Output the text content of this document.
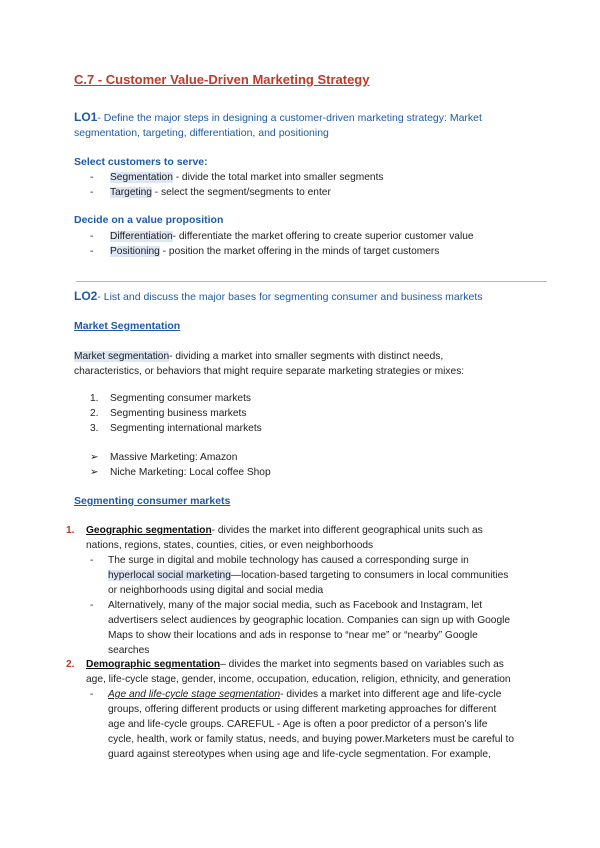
C.7 - Customer Value-Driven Marketing Strategy
LO1- Define the major steps in designing a customer-driven marketing strategy: Market
segmentation, targeting, differentiation, and positioning
Select customers to serve:
- Segmentation - divide the total market into smaller segments
- Targeting - select the segment/segments to enter
Decide on a value proposition
- Differentiation- differentiate the market offering to create superior customer value
- Positioning - position the market offering in the minds of target customers
LO2- List and discuss the major bases for segmenting consumer and business markets
Market Segmentation
Market segmentation- dividing a market into smaller segments with distinct needs,
characteristics, or behaviors that might require separate marketing strategies or mixes:
1. Segmenting consumer markets
2. Segmenting business markets
3. Segmenting international markets
➢ Massive Marketing: Amazon
➢ Niche Marketing: Local coffee Shop
Segmenting consumer markets
1. Geographic segmentation- divides the market into different geographical units such as
nations, regions, states, counties, cities, or even neighborhoods
-	The surge in digital and mobile technology has caused a corresponding surge in
hyperlocal social marketing—location-based targeting to consumers in local communities
or neighborhoods using digital and social media
-	Alternatively, many of the major social media, such as Facebook and Instagram, let
advertisers select audiences by geographic location. Companies can sign up with Google
Maps to show their locations and ads in response to “near me” or “nearby” Google
searches
2. Demographic segmentation– divides the market into segments based on variables such as
age, life-cycle stage, gender, income, occupation, education, religion, ethnicity, and generation
-	Age and life-cycle stage segmentation- divides a market into different age and life-cycle
groups, offering different products or using different marketing approaches for different
age and life-cycle groups. CAREFUL - Age is often a poor predictor of a person’s life
cycle, health, work or family status, needs, and buying power.Marketers must be careful to
guard against stereotypes when using age and life-cycle segmentation. For example,
